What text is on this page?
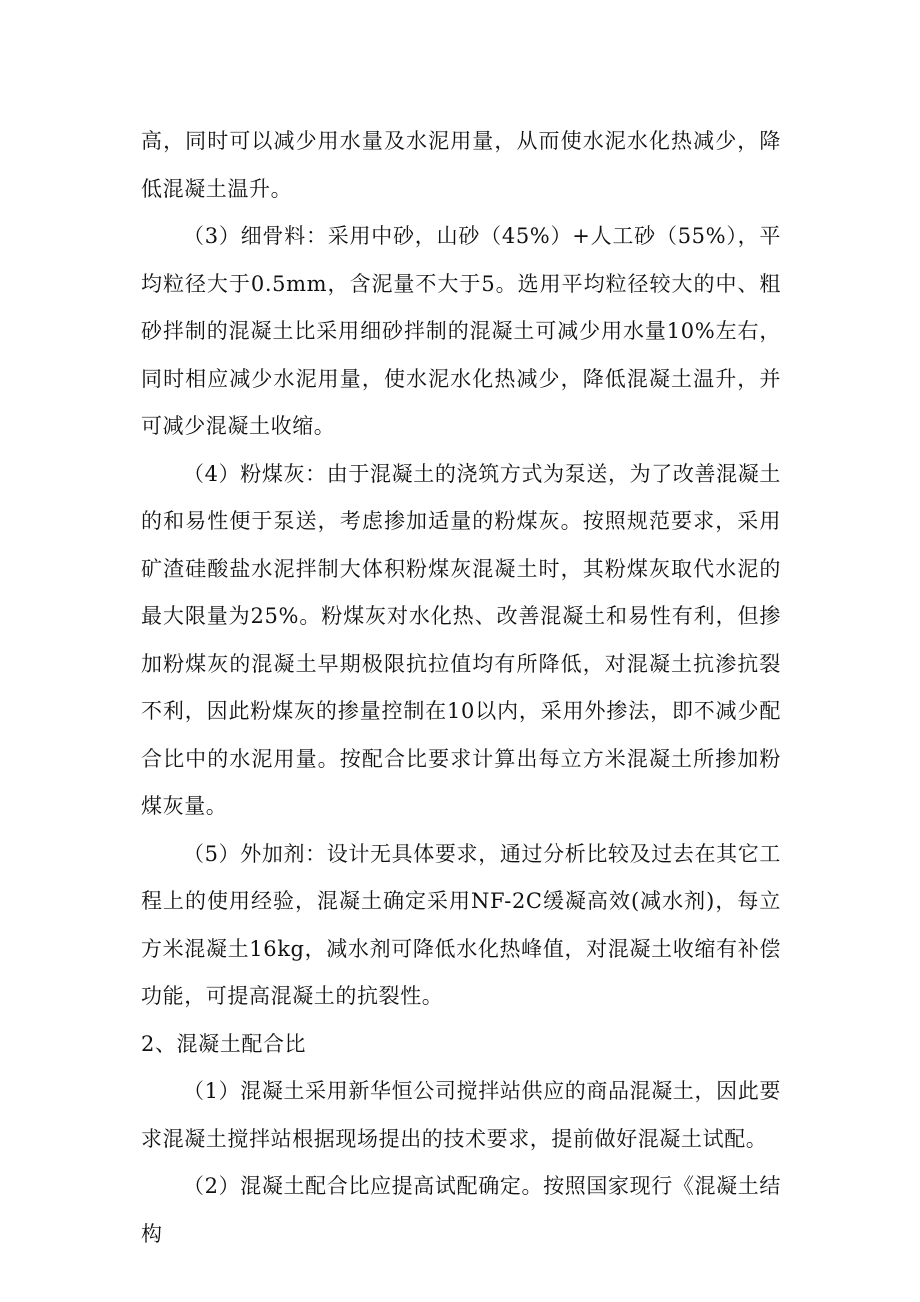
高，同时可以减少用水量及水泥用量，从而使水泥水化热减少，降低混凝土温升。

（3）细骨料：采用中砂，山砂（45%）+人工砂（55%），平均粒径大于0.5mm，含泥量不大于5。选用平均粒径较大的中、粗砂拌制的混凝土比采用细砂拌制的混凝土可减少用水量10%左右，同时相应减少水泥用量，使水泥水化热减少，降低混凝土温升，并可减少混凝土收缩。

（4）粉煤灰：由于混凝土的浇筑方式为泵送，为了改善混凝土的和易性便于泵送，考虑掺加适量的粉煤灰。按照规范要求，采用矿渣硅酸盐水泥拌制大体积粉煤灰混凝土时，其粉煤灰取代水泥的最大限量为25%。粉煤灰对水化热、改善混凝土和易性有利，但掺加粉煤灰的混凝土早期极限抗拉值均有所降低，对混凝土抗渗抗裂不利，因此粉煤灰的掺量控制在10以内，采用外掺法，即不减少配合比中的水泥用量。按配合比要求计算出每立方米混凝土所掺加粉煤灰量。

（5）外加剂：设计无具体要求，通过分析比较及过去在其它工程上的使用经验，混凝土确定采用NF-2C缓凝高效(减水剂)，每立方米混凝土16kg，减水剂可降低水化热峰值，对混凝土收缩有补偿功能，可提高混凝土的抗裂性。

2、混凝土配合比

（1）混凝土采用新华恒公司搅拌站供应的商品混凝土，因此要求混凝土搅拌站根据现场提出的技术要求，提前做好混凝土试配。

（2）混凝土配合比应提高试配确定。按照国家现行《混凝土结构
